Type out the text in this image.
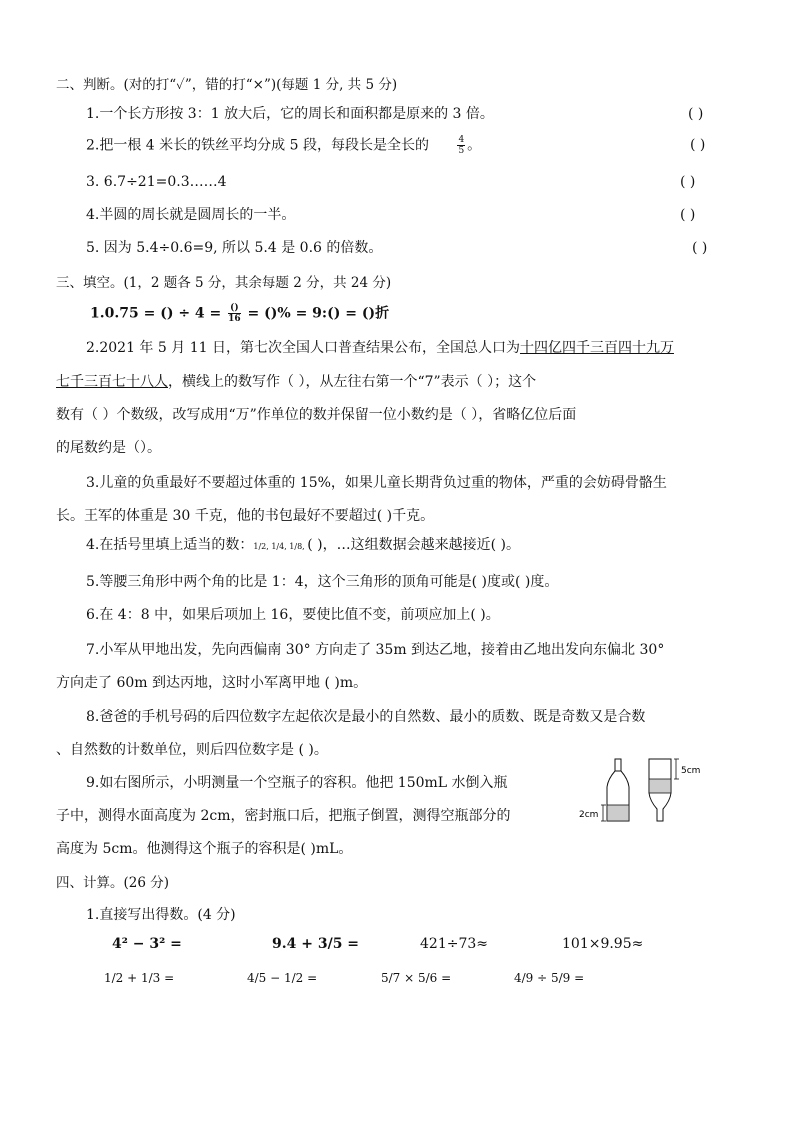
二、判断。(对的打“✓”，错的打“×”)(每题 1 分, 共 5 分)
1.一个长方形按 3：1 放大后，它的周长和面积都是原来的 3 倍。	( )
2.把一根 4 米长的铁丝平均分成 5 段，每段长是全长的	$\frac{4}{5}$ 。	( )
3. 6.7÷21=0.3……4	( )
4.半圆的周长就是圆周长的一半。	( )
5. 因为 5.4÷0.6=9, 所以 5.4 是 0.6 的倍数。	( )
三、填空。(1，2 题各 5 分，其余每题 2 分，共 24 分)
1.0.75 = () ÷ $4 = \frac{()}{16}$ = ()% = 9:() = ()折
2.2021 年 5 月 11 日，第七次全国人口普查结果公布，全国总人口为十四亿四千三百四十九万
七千三百七十八人，横线上的数写作（ ），从左往右第一个“7”表示（ ）；这个
数有（ ）个数级，改写成用“万”作单位的数并保留一位小数约是（ ），省略亿位后面
的尾数约是（）。
3.儿童的负重最好不要超过体重的 15%，如果儿童长期背负过重的物体，严重的会妨碍骨骼生
长。王军的体重是 30 千克，他的书包最好不要超过( )千克。
4.在括号里填上适当的数：1/2, 1/4, 1/8, ( )，…这组数据会越来越接近( )。
5.等腰三角形中两个角的比是 1：4，这个三角形的顶角可能是( )度或( )度。
6.在 4：8 中，如果后项加上 16，要使比值不变，前项应加上( )。
7.小军从甲地出发，先向西偏南 30° 方向走了 35m 到达乙地，接着由乙地出发向东偏北 30°
方向走了 60m 到达丙地，这时小军离甲地 ( )m。
8.爸爸的手机号码的后四位数字左起依次是最小的自然数、最小的质数、既是奇数又是合数
、自然数的计数单位，则后四位数字是 ( )。
9.如右图所示，小明测量一个空瓶子的容积。他把 150mL 水倒入瓶
子中，测得水面高度为 2cm，密封瓶口后，把瓶子倒置，测得空瓶部分的
高度为 5cm。他测得这个瓶子的容积是( )mL。
2cm
5cm
四、计算。(26 分)
1.直接写出得数。(4 分)
4² − 3² =	9.4 + 3/5 =	421÷73≈	101×9.95≈
1/2 + 1/3 =	4/5 − 1/2 =	5/7 × 5/6 =	4/9 ÷ 5/9 =
